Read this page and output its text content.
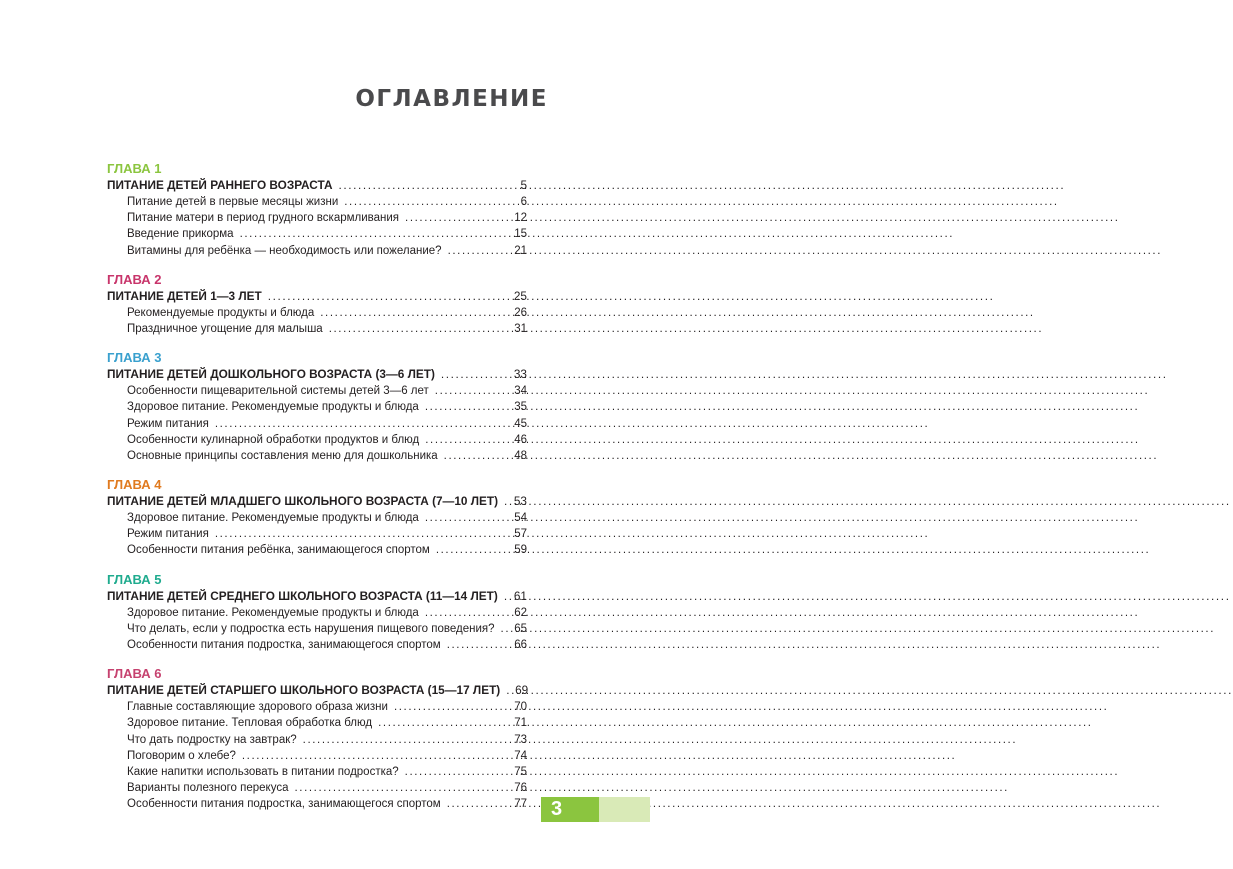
ОГЛАВЛЕНИЕ
ГЛАВА 1
ПИТАНИЕ ДЕТЕЙ РАННЕГО ВОЗРАСТА .....	5
Питание детей в первые месяцы жизни .....	6
Питание матери в период грудного вскармливания .....	12
Введение прикорма .....	15
Витамины для ребёнка — необходимость или пожелание? .....	21
ГЛАВА 2
ПИТАНИЕ ДЕТЕЙ 1—3 ЛЕТ .....	25
Рекомендуемые продукты и блюда .....	26
Праздничное угощение для малыша .....	31
ГЛАВА 3
ПИТАНИЕ ДЕТЕЙ ДОШКОЛЬНОГО ВОЗРАСТА (3—6 ЛЕТ) .....	33
Особенности пищеварительной системы детей 3—6 лет .....	34
Здоровое питание. Рекомендуемые продукты и блюда .....	35
Режим питания .....	45
Особенности кулинарной обработки продуктов и блюд .....	46
Основные принципы составления меню для дошкольника .....	48
ГЛАВА 4
ПИТАНИЕ ДЕТЕЙ МЛАДШЕГО ШКОЛЬНОГО ВОЗРАСТА (7—10 ЛЕТ) ..... 53
Здоровое питание. Рекомендуемые продукты и блюда .....	54
Режим питания .....	57
Особенности питания ребёнка, занимающегося спортом .....	59
ГЛАВА 5
ПИТАНИЕ ДЕТЕЙ СРЕДНЕГО ШКОЛЬНОГО ВОЗРАСТА (11—14 ЛЕТ) ..... 61
Здоровое питание. Рекомендуемые продукты и блюда .....	62
Что делать, если у подростка есть нарушения пищевого поведения? ..... 65
Особенности питания подростка, занимающегося спортом .....	66
ГЛАВА 6
ПИТАНИЕ ДЕТЕЙ СТАРШЕГО ШКОЛЬНОГО ВОЗРАСТА (15—17 ЛЕТ) ..... 69
Главные составляющие здорового образа жизни .....	70
Здоровое питание. Тепловая обработка блюд .....	71
Что дать подростку на завтрак? .....	73
Поговорим о хлебе? .....	74
Какие напитки использовать в питании подростка? .....	75
Варианты полезного перекуса .....	76
Особенности питания подростка, занимающегося спортом .....	77	3
